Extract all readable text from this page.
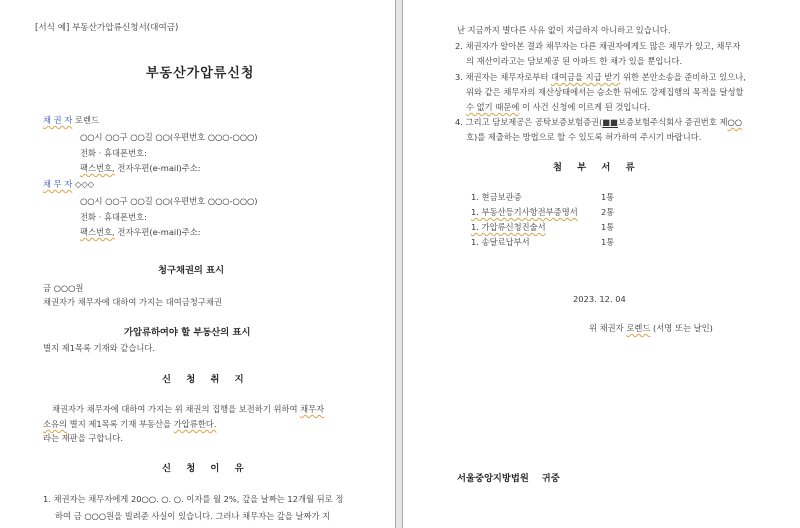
[서식 예] 부동산가압류신청서(대여금)
부동산가압류신청
채 권 자 로렌드
○○시 ○○구 ○○길 ○○(우편번호 ○○○-○○○)
전화 · 휴대폰번호:
팩스번호, 전자우편(e-mail)주소:
채 무 자 ◇◇◇
○○시 ○○구 ○○길 ○○(우편번호 ○○○-○○○)
전화 · 휴대폰번호:
팩스번호, 전자우편(e-mail)주소:
청구채권의 표시
금 ○○○원
채권자가 채무자에 대하여 가지는 대여금청구채권
가압류하여야 할 부동산의 표시
별지 제1목록 기재와 같습니다.
신 청 취 지
채권자가 채무자에 대하여 가지는 위 채권의 집행을 보전하기 위하여 채무자
소유의 별지 제1목록 기재 부동산을 가압류한다.
라는 재판을 구합니다.
신 청 이 유
1. 채권자는 채무자에게 20○○. ○. ○. 이자를 월 2%, 갚을 날짜는 12개월 뒤로 정
하여 금 ○○○원을 빌려준 사실이 있습니다. 그러나 채무자는 갚을 날짜가 지
난 지금까지 별다른 사유 없이 지급하지 아니하고 있습니다.
2. 채권자가 알아본 결과 채무자는 다른 채권자에게도 많은 채무가 있고, 채무자
의 재산이라고는 담보제공 된 아파트 한 채가 있을 뿐입니다.
3. 채권자는 채무자로부터 대여금을 지급 받기 위한 본안소송을 준비하고 있으나,
위와 같은 채무자의 재산상태에서는 승소한 뒤에도 강제집행의 목적을 달성할
수 없기 때문에 이 사건 신청에 이르게 된 것입니다.
4. 그리고 담보제공은 공탁보증보험증권(■■보증보험주식회사 증권번호 제○○
호)를 제출하는 방법으로 할 수 있도록 허가하여 주시기 바랍니다.
첨 부 서 류
1. 현금보관증	1통
1. 부동산등기사항전부증명서	2통
1. 가압류신청진술서	1통
1. 송달료납부서	1통
2023. 12. 04
위 채권자 로렌드 (서명 또는 날인)
서울중앙지방법원    귀중
